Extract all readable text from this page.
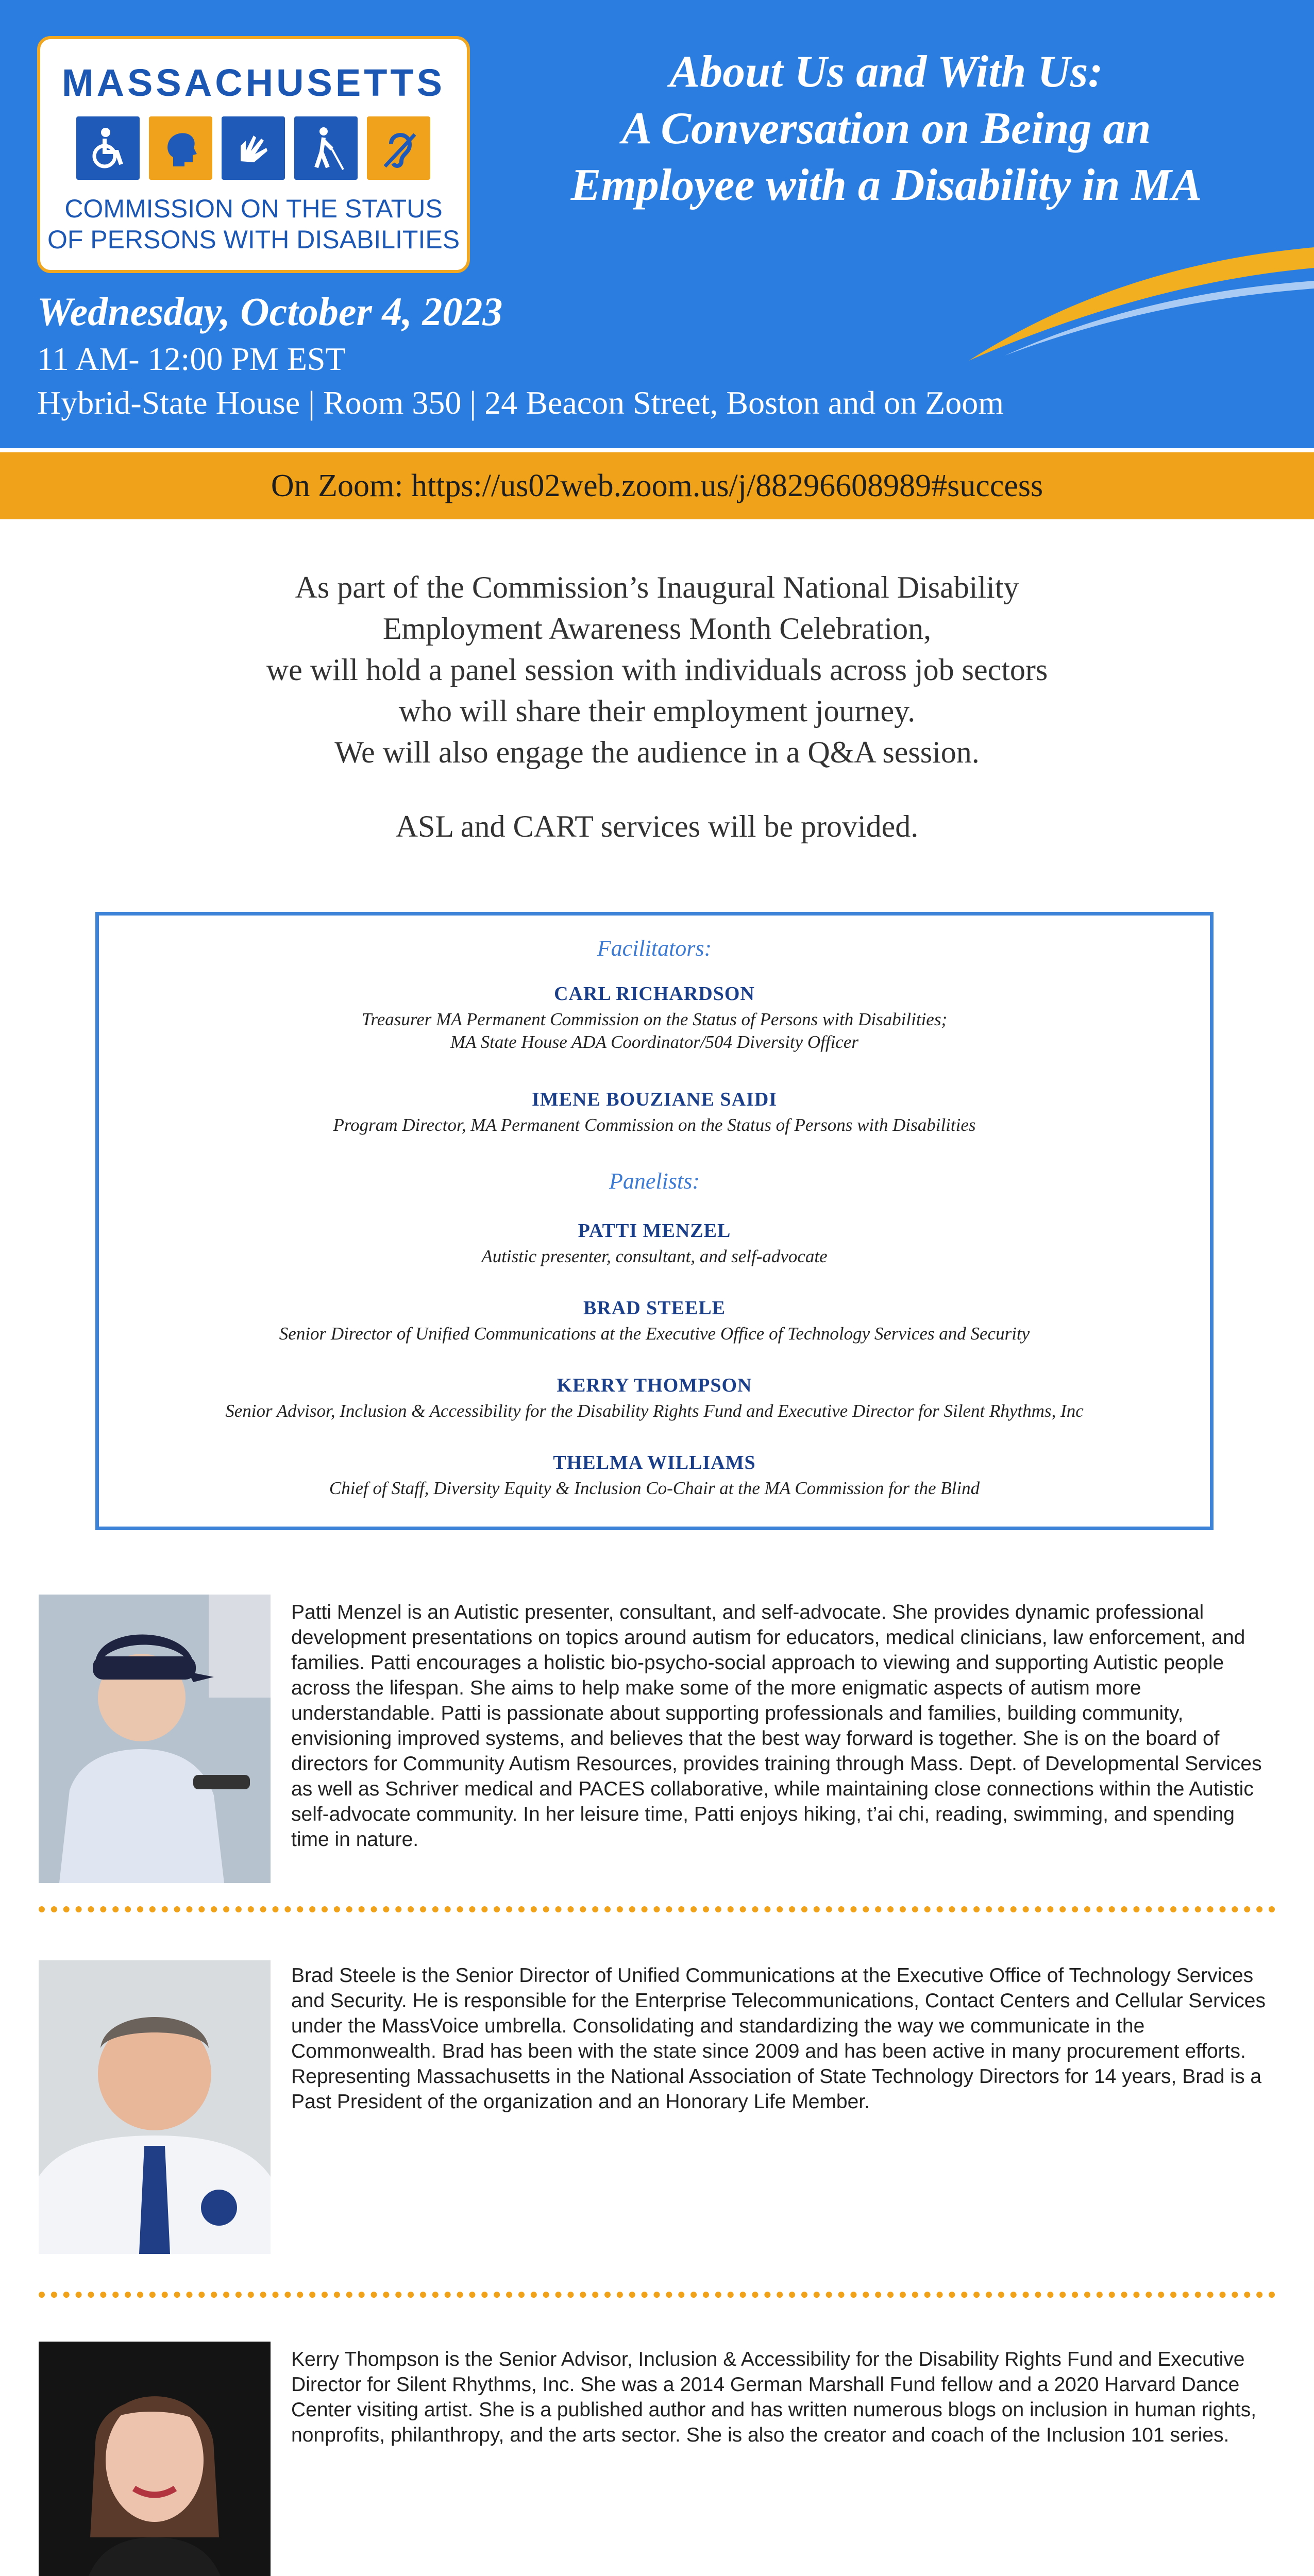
MASSACHUSETTS
COMMISSION ON THE STATUS
OF PERSONS WITH DISABILITIES
About Us and With Us:
A Conversation on Being an
Employee with a Disability in MA
Wednesday, October 4, 2023
11 AM- 12:00 PM EST
Hybrid-State House | Room 350 | 24 Beacon Street, Boston and on Zoom
On Zoom: https://us02web.zoom.us/j/88296608989#success
As part of the Commission’s Inaugural National Disability
Employment Awareness Month Celebration,
we will hold a panel session with individuals across job sectors
who will share their employment journey.
We will also engage the audience in a Q&A session.
ASL and CART services will be provided.
Facilitators:
CARL RICHARDSON
Treasurer MA Permanent Commission on the Status of Persons with Disabilities;
MA State House ADA Coordinator/504 Diversity Officer
IMENE BOUZIANE SAIDI
Program Director, MA Permanent Commission on the Status of Persons with Disabilities
Panelists:
PATTI MENZEL
Autistic presenter, consultant, and self-advocate
BRAD STEELE
Senior Director of Unified Communications at the Executive Office of Technology Services and Security
KERRY THOMPSON
Senior Advisor, Inclusion & Accessibility for the Disability Rights Fund and Executive Director for Silent Rhythms, Inc
THELMA WILLIAMS
Chief of Staff, Diversity Equity & Inclusion Co-Chair at the MA Commission for the Blind
Patti Menzel is an Autistic presenter, consultant, and self-advocate. She provides dynamic professional development presentations on topics around autism for educators, medical clinicians, law enforcement, and families. Patti encourages a holistic bio-psycho-social approach to viewing and supporting Autistic people across the lifespan. She aims to help make some of the more enigmatic aspects of autism more understandable. Patti is passionate about supporting professionals and families, building community, envisioning improved systems, and believes that the best way forward is together. She is on the board of directors for Community Autism Resources, provides training through Mass. Dept. of Developmental Services as well as Schriver medical and PACES collaborative, while maintaining close connections within the Autistic self-advocate community. In her leisure time, Patti enjoys hiking, t’ai chi, reading, swimming, and spending time in nature.
Brad Steele is the Senior Director of Unified Communications at the Executive Office of Technology Services and Security. He is responsible for the Enterprise Telecommunications, Contact Centers and Cellular Services under the MassVoice umbrella. Consolidating and standardizing the way we communicate in the Commonwealth. Brad has been with the state since 2009 and has been active in many procurement efforts. Representing Massachusetts in the National Association of State Technology Directors for 14 years, Brad is a Past President of the organization and an Honorary Life Member.
Kerry Thompson is the Senior Advisor, Inclusion & Accessibility for the Disability Rights Fund and Executive Director for Silent Rhythms, Inc. She was a 2014 German Marshall Fund fellow and a 2020 Harvard Dance Center visiting artist. She is a published author and has written numerous blogs on inclusion in human rights, nonprofits, philanthropy, and the arts sector. She is also the creator and coach of the Inclusion 101 series.
